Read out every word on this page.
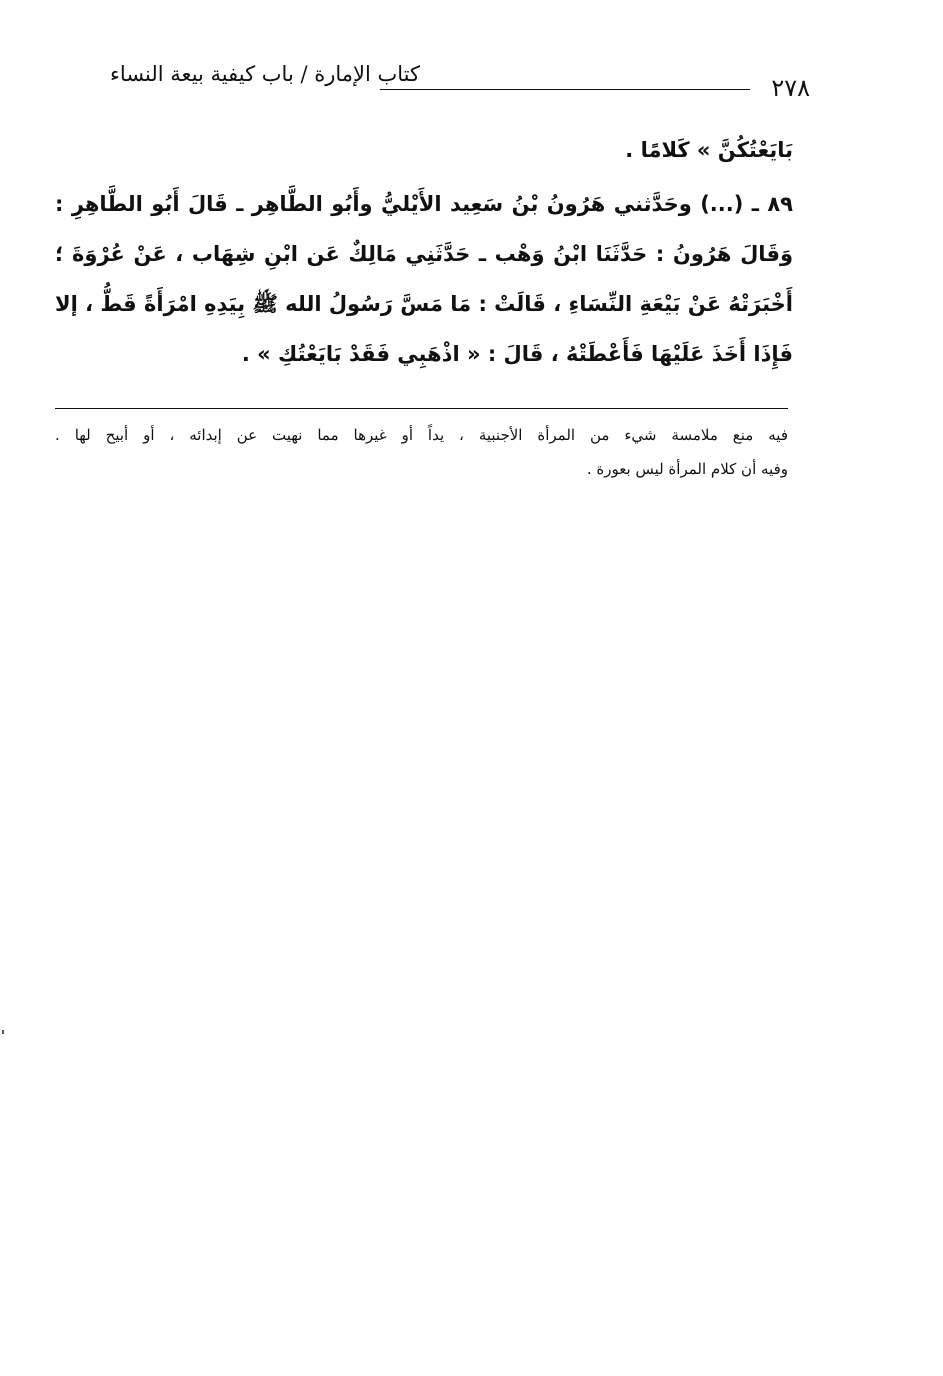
كتاب الإمارة / باب كيفية بيعة النساء	٢٧٨
بَايَعْتُكُنَّ » كَلامًا .
٨٩ ـ (...) وحَدَّثني هَرُونُ بْنُ سَعِيد الأَيْليُّ وأَبُو الطَّاهِر ـ قَالَ أَبُو الطَّاهِرِ :
وَقَالَ هَرُونُ : حَدَّثَنَا ابْنُ وَهْب ـ حَدَّثَنِي مَالِكٌ عَن ابْنِ شِهَاب ، عَنْ عُرْوَةَ ؛
أَخْبَرَتْهُ عَنْ بَيْعَةِ النِّسَاءِ ، قَالَتْ : مَا مَسَّ رَسُولُ الله ﷺ بِيَدِهِ امْرَأَةً قَطُّ ، إلا
فَإِذَا أَخَذَ عَلَيْهَا فَأَعْطَتْهُ ، قَالَ : « اذْهَبِي فَقَدْ بَايَعْتُكِ » .
فيه منع ملامسة شيء من المرأة الأجنبية ، يداً أو غيرها مما نهيت عن إبدائه ، أو أبيح لها .
وفيه أن كلام المرأة ليس بعورة .
